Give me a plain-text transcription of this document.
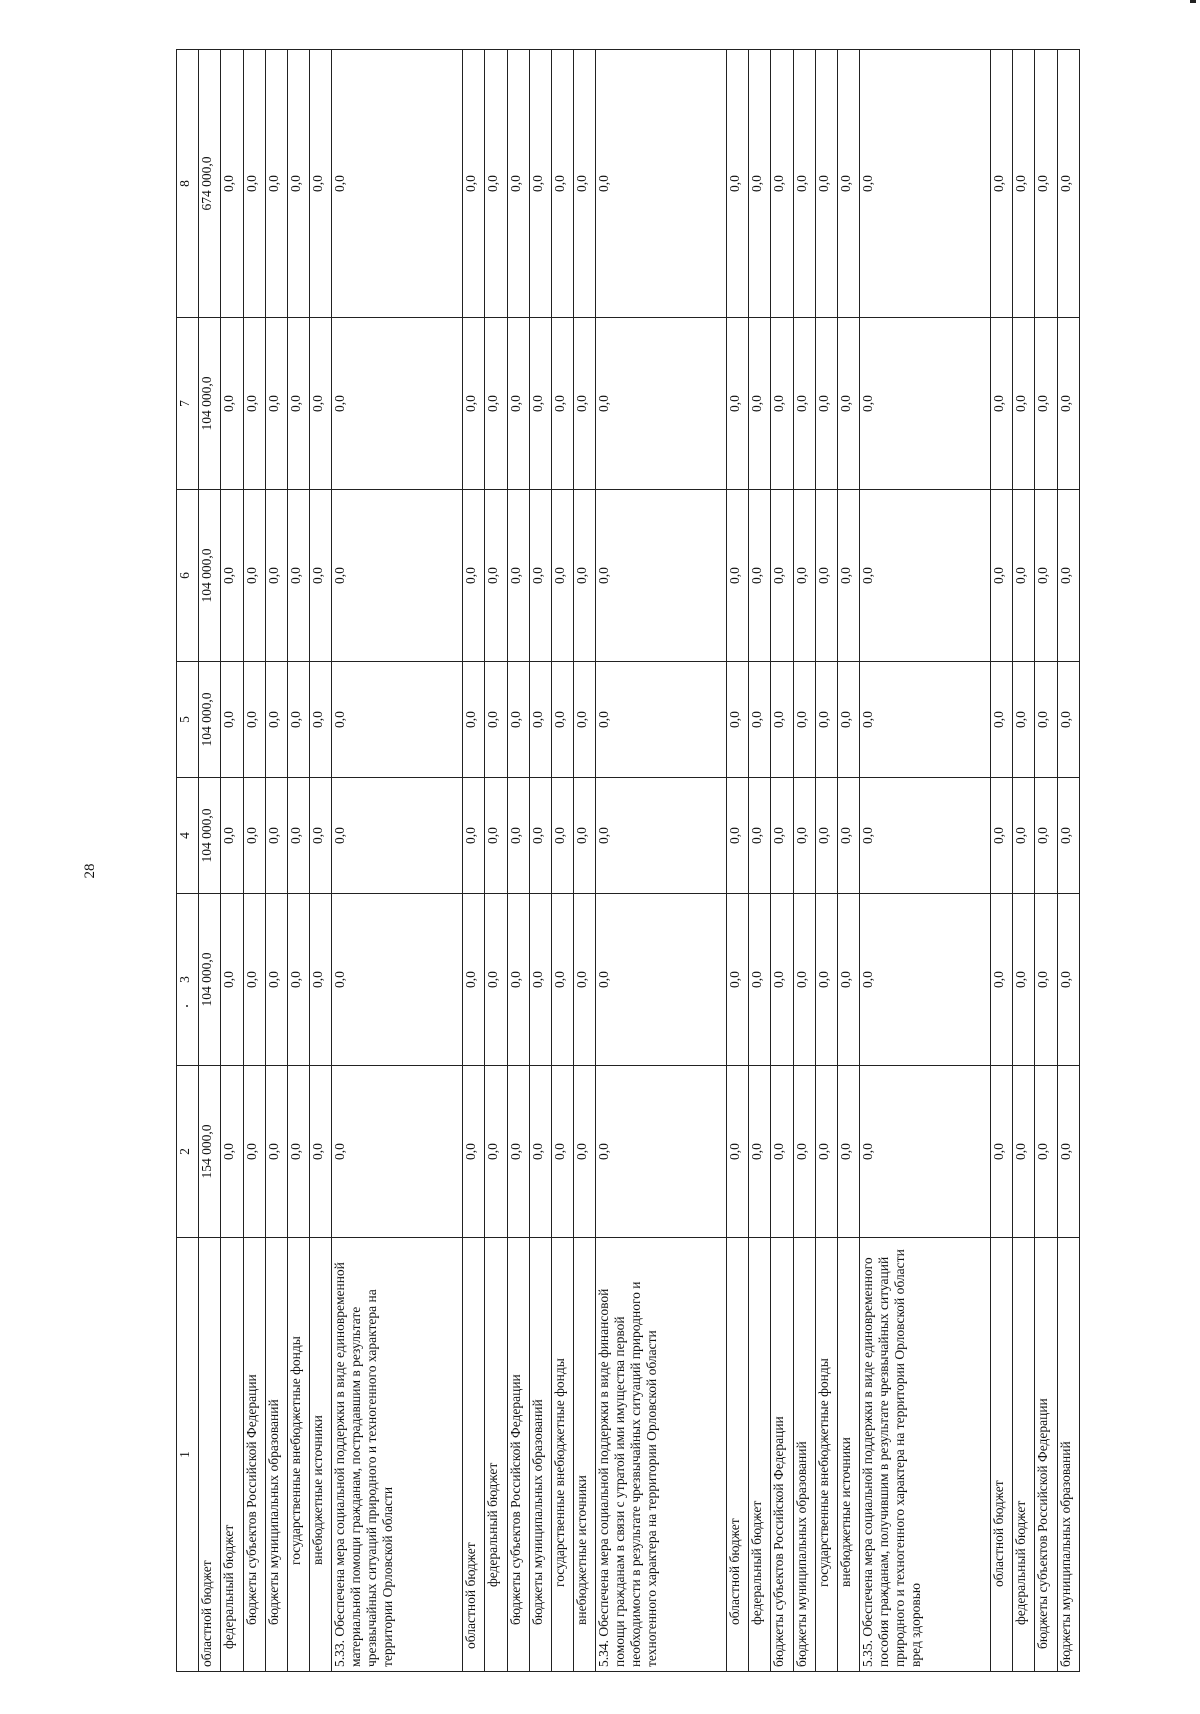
28
1	2	3	4	5	6	7	8
областной бюджет	154 000,0	104 000,0	104 000,0	104 000,0	104 000,0	104 000,0	674 000,0
федеральный бюджет	0,0	0,0	0,0	0,0	0,0	0,0	0,0
бюджеты субъектов Российской Федерации	0,0	0,0	0,0	0,0	0,0	0,0	0,0
бюджеты муниципальных образований	0,0	0,0	0,0	0,0	0,0	0,0	0,0
государственные внебюджетные фонды	0,0	0,0	0,0	0,0	0,0	0,0	0,0
внебюджетные источники	0,0	0,0	0,0	0,0	0,0	0,0	0,0
5.33. Обеспечена мера социальной поддержки в виде единовременной материальной помощи гражданам, пострадавшим в результате чрезвычайных ситуаций природного и техногенного характера на территории Орловской области	0,0	0,0	0,0	0,0	0,0	0,0	0,0
областной бюджет	0,0	0,0	0,0	0,0	0,0	0,0	0,0
федеральный бюджет	0,0	0,0	0,0	0,0	0,0	0,0	0,0
бюджеты субъектов Российской Федерации	0,0	0,0	0,0	0,0	0,0	0,0	0,0
бюджеты муниципальных образований	0,0	0,0	0,0	0,0	0,0	0,0	0,0
государственные внебюджетные фонды	0,0	0,0	0,0	0,0	0,0	0,0	0,0
внебюджетные источники	0,0	0,0	0,0	0,0	0,0	0,0	0,0
5.34. Обеспечена мера социальной поддержки в виде финансовой помощи гражданам в связи с утратой ими имущества первой необходимости в результате чрезвычайных ситуаций природного и техногенного характера на территории Орловской области	0,0	0,0	0,0	0,0	0,0	0,0	0,0
областной бюджет	0,0	0,0	0,0	0,0	0,0	0,0	0,0
федеральный бюджет	0,0	0,0	0,0	0,0	0,0	0,0	0,0
бюджеты субъектов Российской Федерации	0,0	0,0	0,0	0,0	0,0	0,0	0,0
бюджеты муниципальных образований	0,0	0,0	0,0	0,0	0,0	0,0	0,0
государственные внебюджетные фонды	0,0	0,0	0,0	0,0	0,0	0,0	0,0
внебюджетные источники	0,0	0,0	0,0	0,0	0,0	0,0	0,0
5.35. Обеспечена мера социальной поддержки в виде единовременного пособия гражданам, получившим в результате чрезвычайных ситуаций природного и техногенного характера на территории Орловской области вред здоровью	0,0	0,0	0,0	0,0	0,0	0,0	0,0
областной бюджет	0,0	0,0	0,0	0,0	0,0	0,0	0,0
федеральный бюджет	0,0	0,0	0,0	0,0	0,0	0,0	0,0
бюджеты субъектов Российской Федерации	0,0	0,0	0,0	0,0	0,0	0,0	0,0
бюджеты муниципальных образований	0,0	0,0	0,0	0,0	0,0	0,0	0,0
